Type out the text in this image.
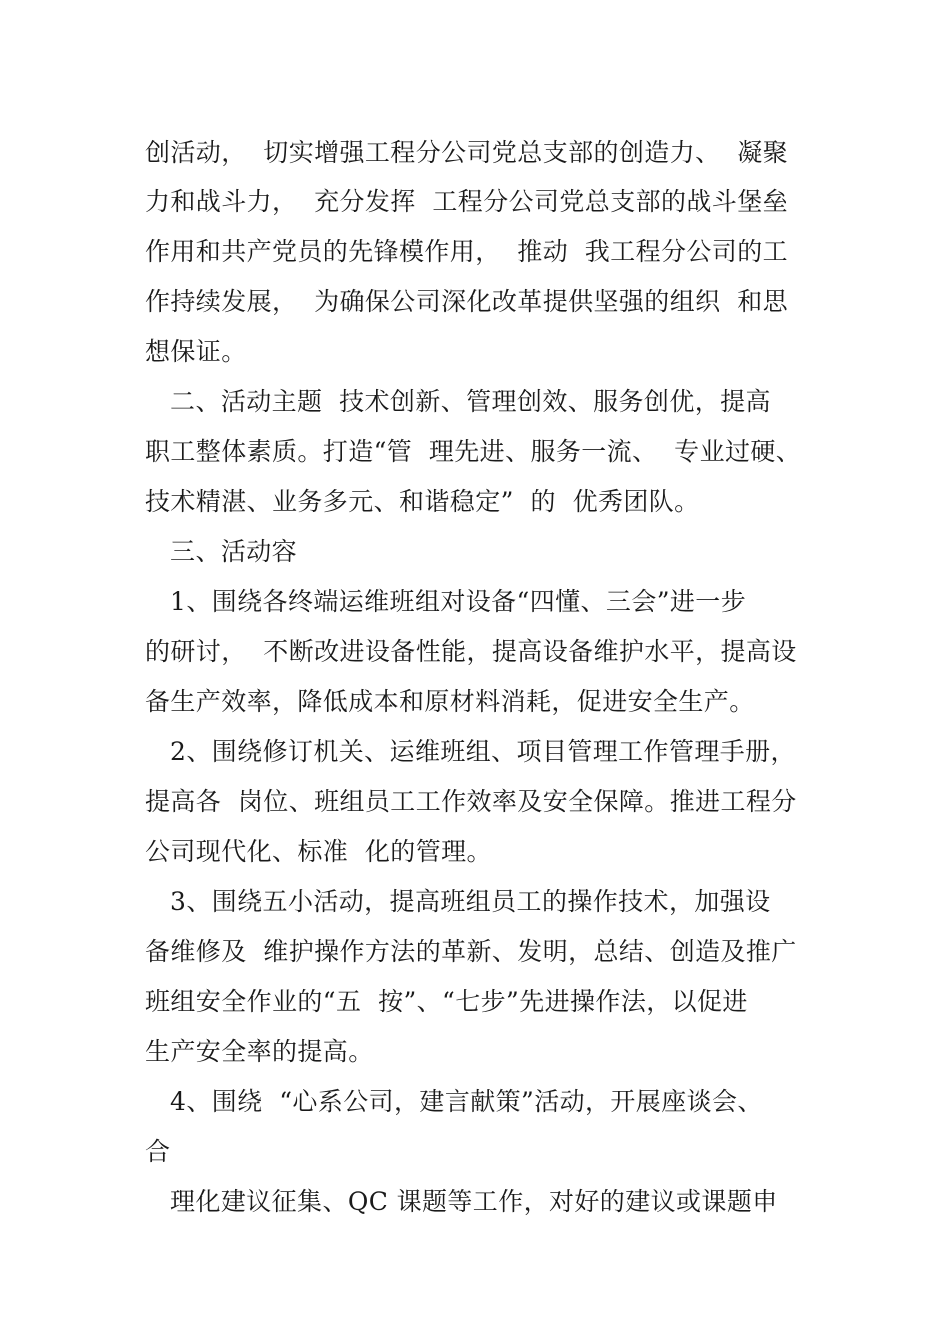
创活动，  切实增强工程分公司党总支部的创造力、  凝聚
力和战斗力，  充分发挥  工程分公司党总支部的战斗堡垒
作用和共产党员的先锋模作用，  推动  我工程分公司的工
作持续发展，  为确保公司深化改革提供坚强的组织  和思
想保证。
二、活动主题  技术创新、管理创效、服务创优，提高
职工整体素质。打造“管  理先进、服务一流、  专业过硬、
技术精湛、业务多元、和谐稳定”  的  优秀团队。
三、活动容
1、围绕各终端运维班组对设备“四懂、三会”进一步
的研讨，  不断改进设备性能，提高设备维护水平，提高设
备生产效率，降低成本和原材料消耗，促进安全生产。
2、围绕修订机关、运维班组、项目管理工作管理手册，
提高各  岗位、班组员工工作效率及安全保障。推进工程分
公司现代化、标准  化的管理。
3、围绕五小活动，提高班组员工的操作技术，加强设
备维修及  维护操作方法的革新、发明，总结、创造及推广
班组安全作业的“五  按”、“七步”先进操作法，以促进
生产安全率的提高。
4、围绕  “心系公司，建言献策”活动，开展座谈会、
合
理化建议征集、QC 课题等工作，对好的建议或课题申
